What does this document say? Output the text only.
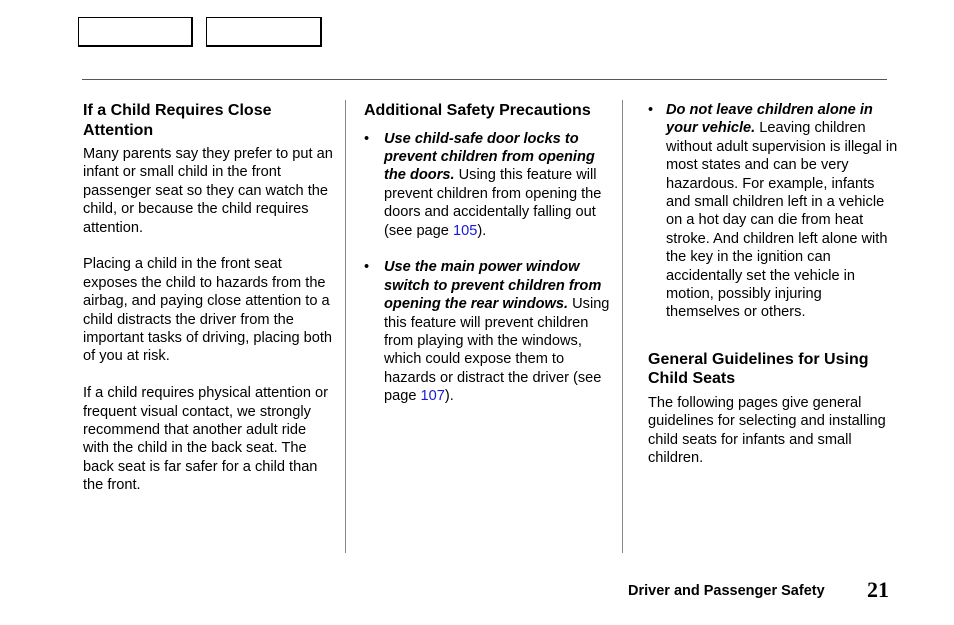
If a Child Requires Close Attention

Many parents say they prefer to put an infant or small child in the front passenger seat so they can watch the child, or because the child requires attention.

Placing a child in the front seat exposes the child to hazards from the airbag, and paying close attention to a child distracts the driver from the important tasks of driving, placing both of you at risk.

If a child requires physical attention or frequent visual contact, we strongly recommend that another adult ride with the child in the back seat. The back seat is far safer for a child than the front.

Additional Safety Precautions
• Use child-safe door locks to prevent children from opening the doors. Using this feature will prevent children from opening the doors and accidentally falling out (see page 105).
• Use the main power window switch to prevent children from opening the rear windows. Using this feature will prevent children from playing with the windows, which could expose them to hazards or distract the driver (see page 107).
• Do not leave children alone in your vehicle. Leaving children without adult supervision is illegal in most states and can be very hazardous. For example, infants and small children left in a vehicle on a hot day can die from heat stroke. And children left alone with the key in the ignition can accidentally set the vehicle in motion, possibly injuring themselves or others.
General Guidelines for Using Child Seats

The following pages give general guidelines for selecting and installing child seats for infants and small children.

Driver and Passenger Safety 21
